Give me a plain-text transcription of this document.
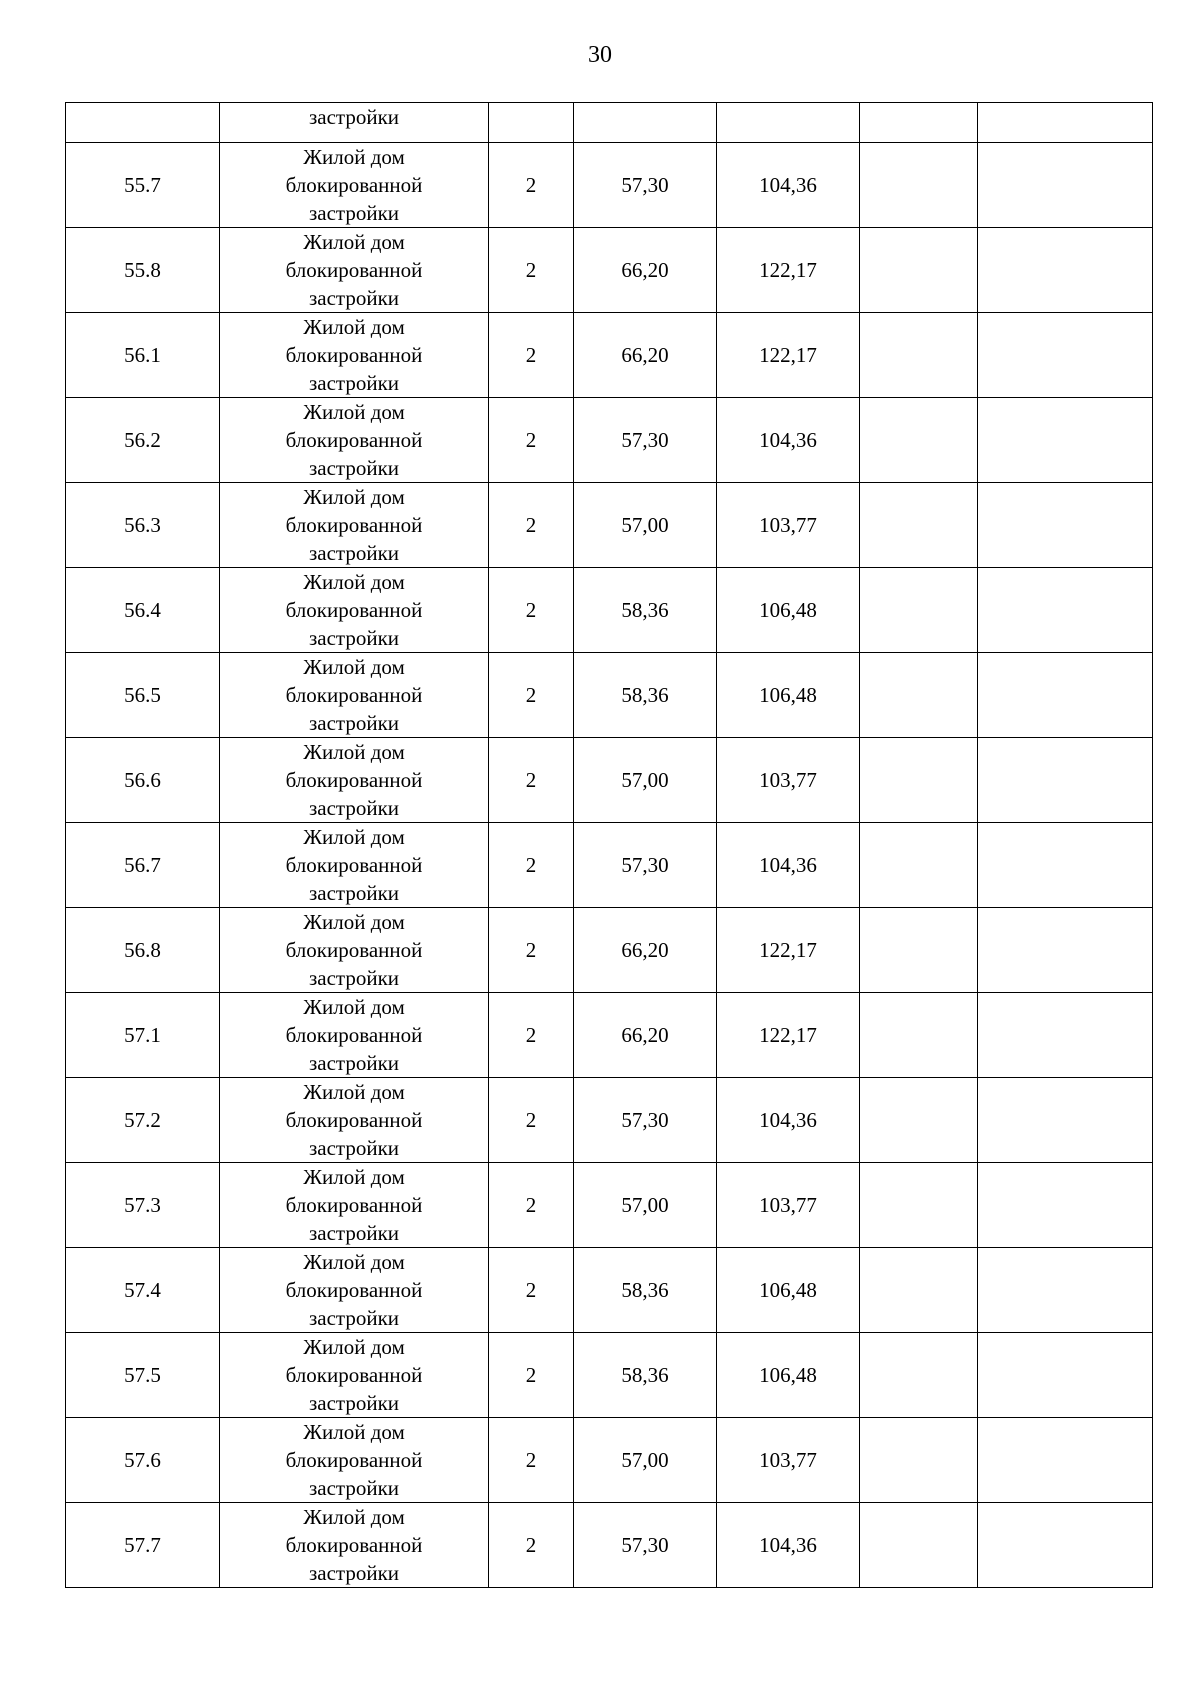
30
	застройки					
55.7	Жилой дом
блокированной
застройки	2	57,30	104,36		
55.8	Жилой дом
блокированной
застройки	2	66,20	122,17		
56.1	Жилой дом
блокированной
застройки	2	66,20	122,17		
56.2	Жилой дом
блокированной
застройки	2	57,30	104,36		
56.3	Жилой дом
блокированной
застройки	2	57,00	103,77		
56.4	Жилой дом
блокированной
застройки	2	58,36	106,48		
56.5	Жилой дом
блокированной
застройки	2	58,36	106,48		
56.6	Жилой дом
блокированной
застройки	2	57,00	103,77		
56.7	Жилой дом
блокированной
застройки	2	57,30	104,36		
56.8	Жилой дом
блокированной
застройки	2	66,20	122,17		
57.1	Жилой дом
блокированной
застройки	2	66,20	122,17		
57.2	Жилой дом
блокированной
застройки	2	57,30	104,36		
57.3	Жилой дом
блокированной
застройки	2	57,00	103,77		
57.4	Жилой дом
блокированной
застройки	2	58,36	106,48		
57.5	Жилой дом
блокированной
застройки	2	58,36	106,48		
57.6	Жилой дом
блокированной
застройки	2	57,00	103,77		
57.7	Жилой дом
блокированной
застройки	2	57,30	104,36		
